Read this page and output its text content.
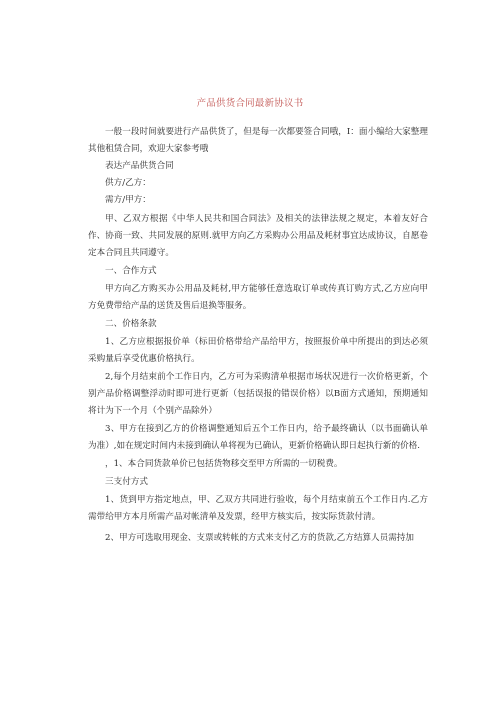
产品供货合同最新协议书
一般一段时间就要进行产品供货了，但是每一次都要签合同哦，I：面小编给大家整理其他租赁合同，欢迎大家参考哦
表达产品供货合同
供方/乙方：
需方/甲方：
甲、乙双方根据《中华人民共和国合同法》及相关的法律法规之规定，本着友好合作、协商一致、共同发展的原则.就甲方向乙方采购办公用品及耗材事宜达成协议，自愿卷定本合同且共同遵守。
一、合作方式
甲方向乙方购买办公用品及耗材,甲方能够任意选取订单或传真订购方式,乙方应向甲方免费带给产品的送货及售后退换等服务。
二、价格条款
1、乙方应根据报价单（标田价格带给产品给甲方，按照报价单中所提出的到达必须采购量后享受优惠价格执行。
2,每个月结束前个工作日内，乙方可为采购清单根据市场状况进行一次价格更新，个别产品价格调整浮动时即可进行更新（包括误报的错误价格）以B面方式通知，预期通知将计为下一个月（个别产品除外）
3、甲方在接到乙方的价格调整通知后五个工作日内，给予最终确认（以书面确认单为准）,如在规定时间内未接到确认单将视为已确认，更新价格确认即日起执行新的价格.
，1、本合同货款单价已包括货物移交至甲方所需的一切税费。
三支付方式
1、货到甲方指定地点，甲、乙双方共同进行验收，每个月结束前五个工作日内.乙方需带给甲方本月所需产品对帐清单及发票，经甲方核实后，按实际货款付清。
2、甲方可选取用现金、支票或转帐的方式来支付乙方的货款,乙方结算人员需持加
